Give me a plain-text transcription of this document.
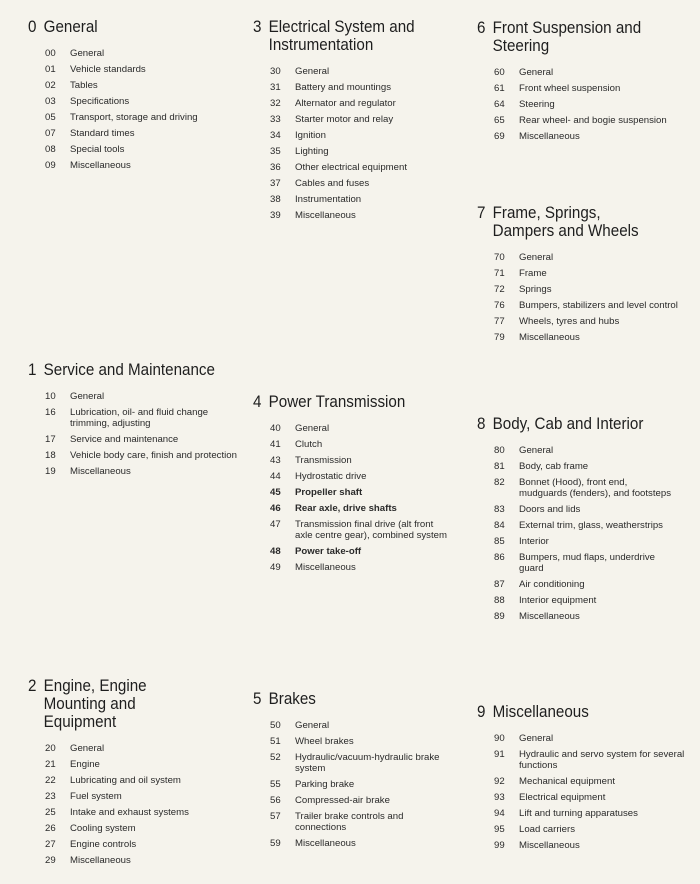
0 General
00	General
01	Vehicle standards
02	Tables
03	Specifications
05	Transport, storage and driving
07	Standard times
08	Special tools
09	Miscellaneous
1 Service and Maintenance
10	General
16	Lubrication, oil- and fluid change trimming, adjusting
17	Service and maintenance
18	Vehicle body care, finish and protection
19	Miscellaneous
2 Engine, Engine Mounting and Equipment
20	General
21	Engine
22	Lubricating and oil system
23	Fuel system
25	Intake and exhaust systems
26	Cooling system
27	Engine controls
29	Miscellaneous
3 Electrical System and Instrumentation
30	General
31	Battery and mountings
32	Alternator and regulator
33	Starter motor and relay
34	Ignition
35	Lighting
36	Other electrical equipment
37	Cables and fuses
38	Instrumentation
39	Miscellaneous
4 Power Transmission
40	General
41	Clutch
43	Transmission
44	Hydrostatic drive
45	Propeller shaft
46	Rear axle, drive shafts
47	Transmission final drive (alt front axle centre gear), combined system
48	Power take-off
49	Miscellaneous
5 Brakes
50	General
51	Wheel brakes
52	Hydraulic/vacuum-hydraulic brake system
55	Parking brake
56	Compressed-air brake
57	Trailer brake controls and connections
59	Miscellaneous
6 Front Suspension and Steering
60	General
61	Front wheel suspension
64	Steering
65	Rear wheel- and bogie suspension
69	Miscellaneous
7 Frame, Springs, Dampers and Wheels
70	General
71	Frame
72	Springs
76	Bumpers, stabilizers and level control
77	Wheels, tyres and hubs
79	Miscellaneous
8 Body, Cab and Interior
80	General
81	Body, cab frame
82	Bonnet (Hood), front end, mudguards (fenders), and footsteps
83	Doors and lids
84	External trim, glass, weatherstrips
85	Interior
86	Bumpers, mud flaps, underdrive guard
87	Air conditioning
88	Interior equipment
89	Miscellaneous
9 Miscellaneous
90	General
91	Hydraulic and servo system for several functions
92	Mechanical equipment
93	Electrical equipment
94	Lift and turning apparatuses
95	Load carriers
99	Miscellaneous
